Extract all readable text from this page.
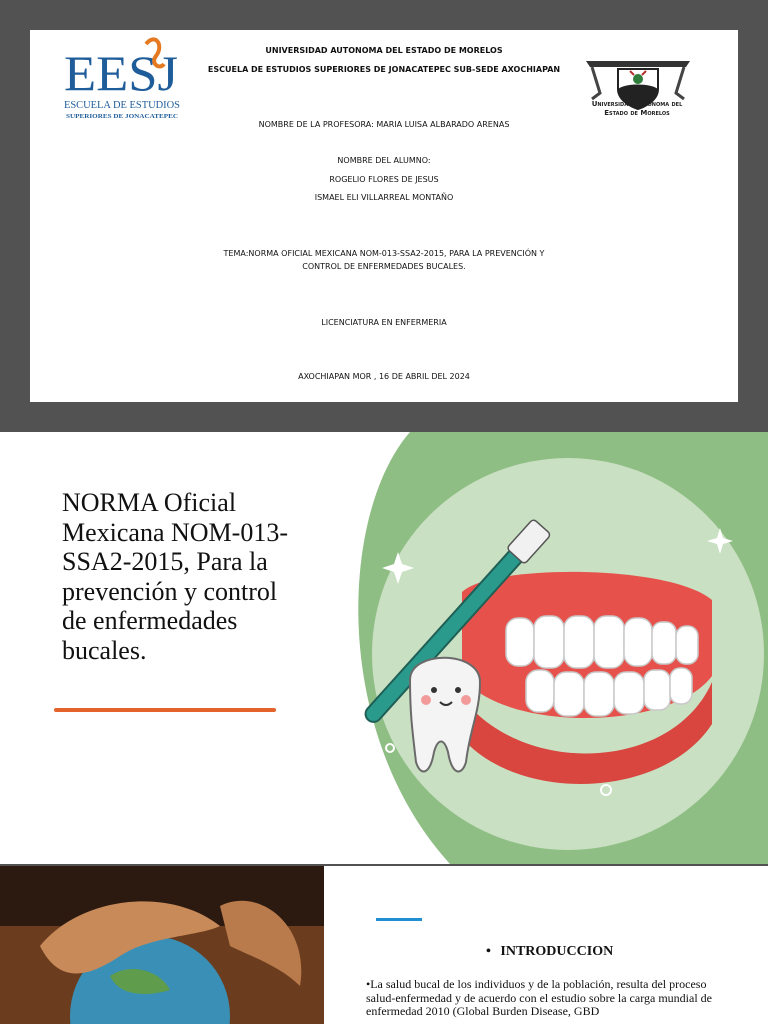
EESJ
ESCUELA DE ESTUDIOS
SUPERIORES DE JONACATEPEC
UNIVERSIDAD AUTONOMA DEL ESTADO DE MORELOS
ESCUELA DE ESTUDIOS SUPERIORES DE JONACATEPEC SUB-SEDE AXOCHIAPAN
Universidad Autónoma del
Estado de Morelos
NOMBRE DE LA PROFESORA: MARIA LUISA ALBARADO ARENAS
NOMBRE DEL ALUMNO:
ROGELIO FLORES DE JESUS
ISMAEL ELI VILLARREAL MONTAÑO
TEMA:NORMA OFICIAL MEXICANA NOM-013-SSA2-2015, PARA LA PREVENCIÓN Y
CONTROL DE ENFERMEDADES BUCALES.
LICENCIATURA EN ENFERMERIA
AXOCHIAPAN MOR , 16 DE ABRIL DEL 2024
NORMA Oficial Mexicana NOM-013-SSA2-2015, Para la prevención y control de enfermedades bucales.
• INTRODUCCION
•La salud bucal de los individuos y de la población, resulta del proceso salud-enfermedad y de acuerdo con el estudio sobre la carga mundial de enfermedad 2010 (Global Burden Disease, GBD
